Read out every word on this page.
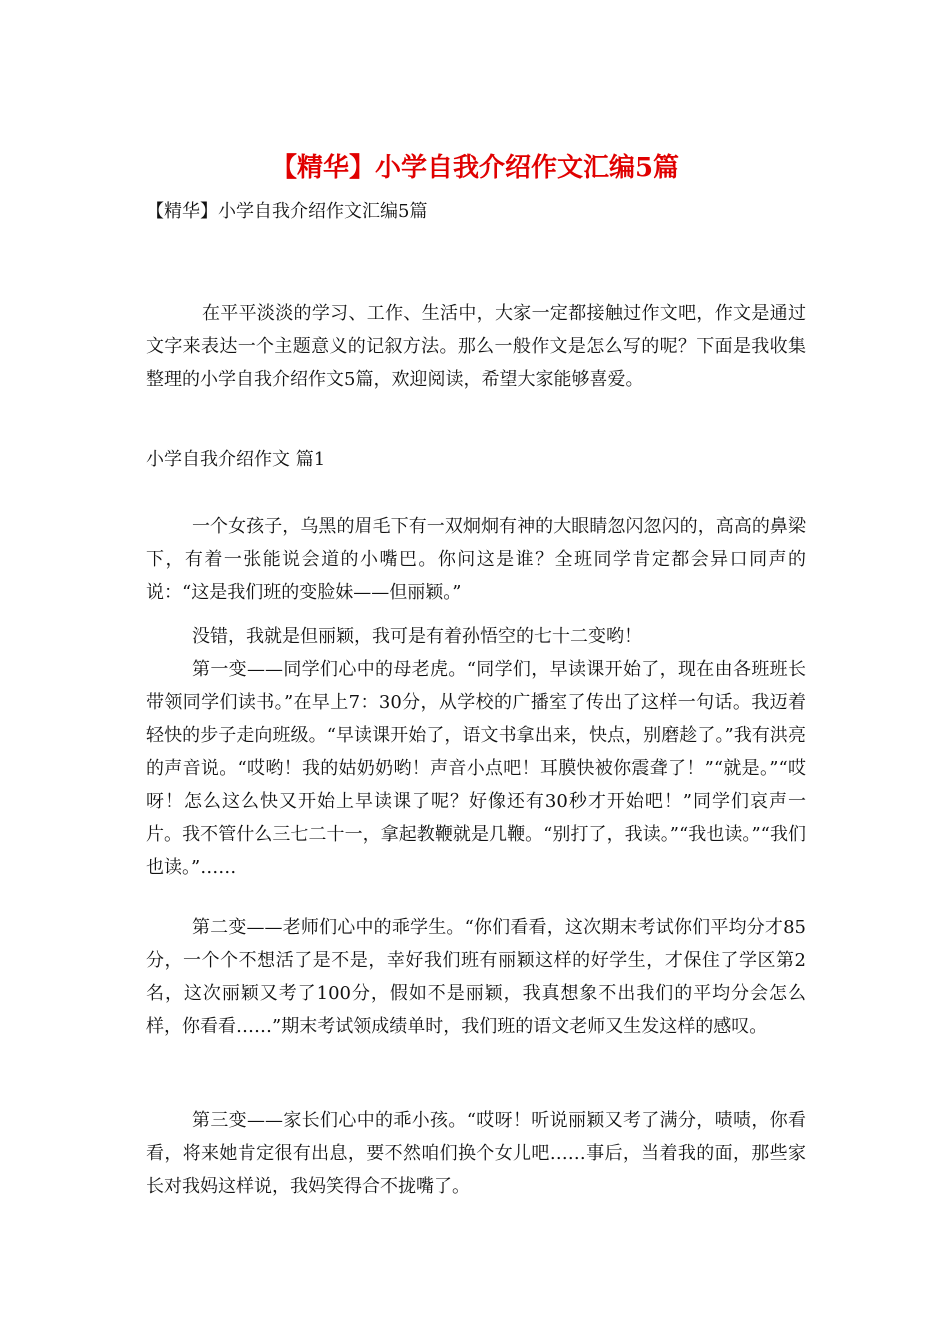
【精华】小学自我介绍作文汇编5篇
【精华】小学自我介绍作文汇编5篇

在平平淡淡的学习、工作、生活中，大家一定都接触过作文吧，作文是通过文字来表达一个主题意义的记叙方法。那么一般作文是怎么写的呢？下面是我收集整理的小学自我介绍作文5篇，欢迎阅读，希望大家能够喜爱。

小学自我介绍作文 篇1

一个女孩子，乌黑的眉毛下有一双炯炯有神的大眼睛忽闪忽闪的，高高的鼻梁下，有着一张能说会道的小嘴巴。你问这是谁？全班同学肯定都会异口同声的说：“这是我们班的变脸妹——但丽颖。”

没错，我就是但丽颖，我可是有着孙悟空的七十二变哟！

第一变——同学们心中的母老虎。“同学们，早读课开始了，现在由各班班长带领同学们读书。”在早上7：30分，从学校的广播室了传出了这样一句话。我迈着轻快的步子走向班级。“早读课开始了，语文书拿出来，快点，别磨趁了。”我有洪亮的声音说。“哎哟！我的姑奶奶哟！声音小点吧！耳膜快被你震聋了！”“就是。”“哎呀！怎么这么快又开始上早读课了呢？好像还有30秒才开始吧！”同学们哀声一片。我不管什么三七二十一，拿起教鞭就是几鞭。“别打了，我读。”“我也读。”“我们也读。”……

第二变——老师们心中的乖学生。“你们看看，这次期末考试你们平均分才85分，一个个不想活了是不是，幸好我们班有丽颖这样的好学生，才保住了学区第2名，这次丽颖又考了100分，假如不是丽颖，我真想象不出我们的平均分会怎么样，你看看……”期末考试领成绩单时，我们班的语文老师又生发这样的感叹。

第三变——家长们心中的乖小孩。“哎呀！听说丽颖又考了满分，啧啧，你看看，将来她肯定很有出息，要不然咱们换个女儿吧……事后，当着我的面，那些家长对我妈这样说，我妈笑得合不拢嘴了。
